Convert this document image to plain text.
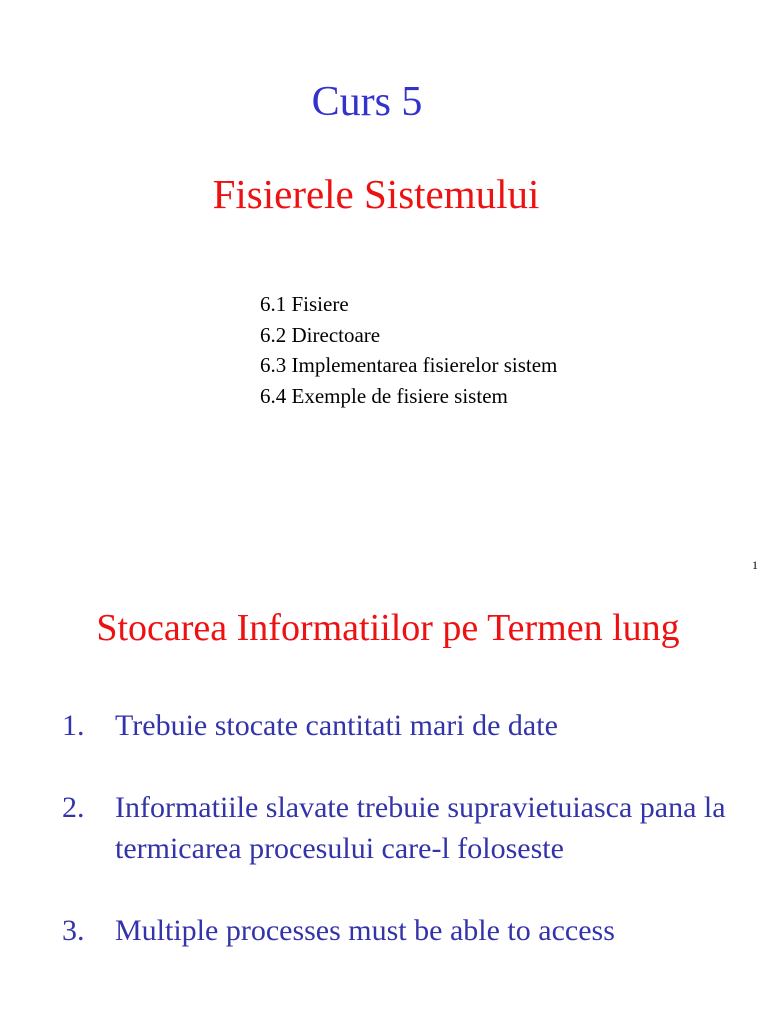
Curs 5
Fisierele Sistemului
6.1 Fisiere
6.2 Directoare
6.3 Implementarea fisierelor sistem
6.4 Exemple de fisiere sistem
1
Stocarea Informatiilor pe Termen lung
1.	Trebuie stocate cantitati mari de date
2.	Informatiile slavate trebuie supravietuiasca pana la termicarea procesului care-l foloseste
3.	Multiple processes must be able to access
